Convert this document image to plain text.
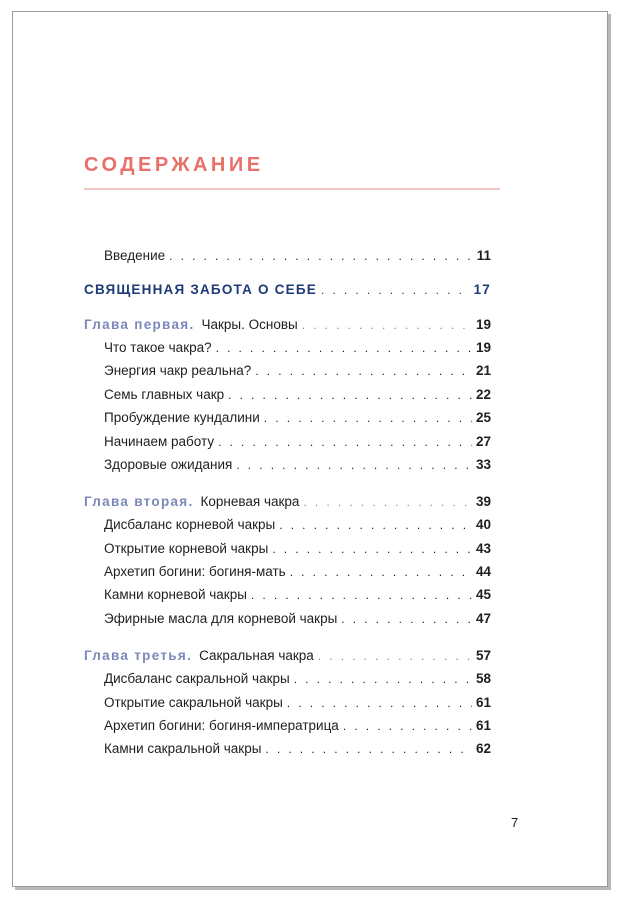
СОДЕРЖАНИЕ
Введение . . .	11
СВЯЩЕННАЯ ЗАБОТА О СЕБЕ . . .	17
Глава первая. Чакры. Основы . . .	19
Что такое чакра? . . .	19
Энергия чакр реальна? . . .	21
Семь главных чакр . . .	22
Пробуждение кундалини . . .	25
Начинаем работу . . .	27
Здоровые ожидания . . .	33
Глава вторая. Корневая чакра . . .	39
Дисбаланс корневой чакры . . .	40
Открытие корневой чакры . . .	43
Архетип богини: богиня-мать . . .	44
Камни корневой чакры . . .	45
Эфирные масла для корневой чакры . . .	47
Глава третья. Сакральная чакра . . .	57
Дисбаланс сакральной чакры . . .	58
Открытие сакральной чакры . . .	61
Архетип богини: богиня-императрица . . .	61
Камни сакральной чакры . . .	62
7
